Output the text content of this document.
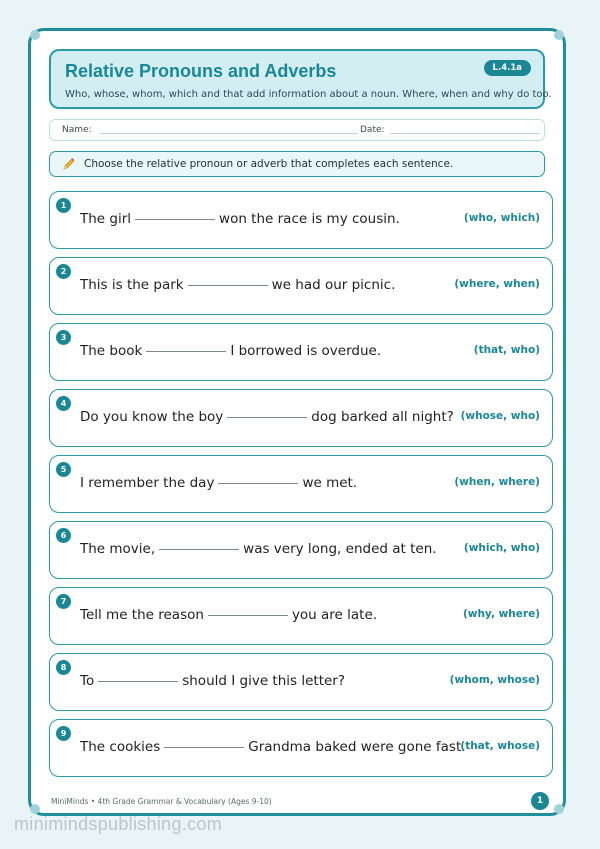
Relative Pronouns and Adverbs
Who, whose, whom, which and that add information about a noun. Where, when and why do too.
L.4.1a
Name:	Date:
Choose the relative pronoun or adverb that completes each sentence.
1
The girl	won the race is my cousin.	(who, which)
2
This is the park	we had our picnic.	(where, when)
3
The book	I borrowed is overdue.	(that, who)
4
Do you know the boy	dog barked all night? (whose, who)
5
I remember the day	we met.	(when, where)
6
The movie,	was very long, ended at ten.	(which, who)
7
Tell me the reason	you are late.	(why, where)
8
To	should I give this letter?	(whom, whose)
9
The cookies	Grandma baked were gone fast.
(that, whose)
MiniMinds • 4th Grade Grammar & Vocabulary (Ages 9-10)	1
minimindspublishing.com
